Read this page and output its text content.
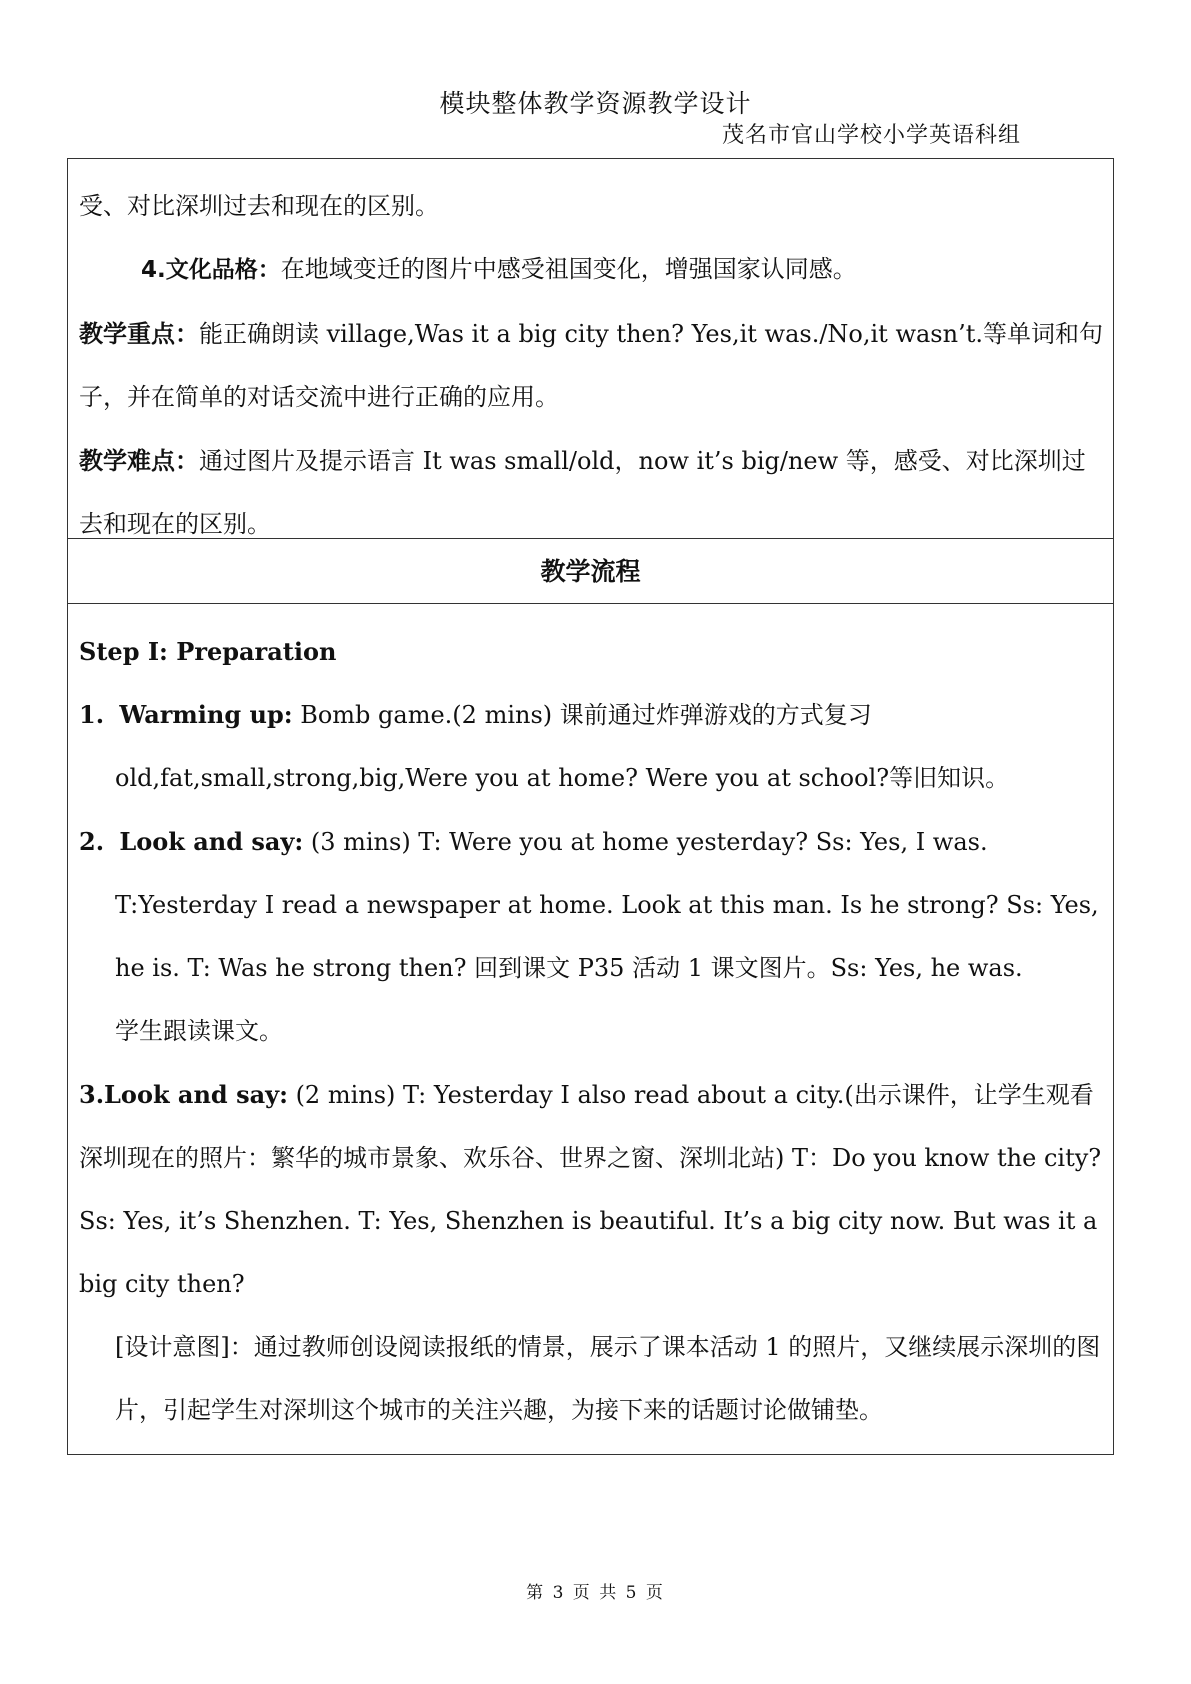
模块整体教学资源教学设计
茂名市官山学校小学英语科组

受、对比深圳过去和现在的区别。

4.文化品格：在地域变迁的图片中感受祖国变化，增强国家认同感。

教学重点：能正确朗读 village,Was it a big city then? Yes,it was./No,it wasn’t.等单词和句子，并在简单的对话交流中进行正确的应用。

教学难点：通过图片及提示语言 It was small/old，now it’s big/new 等，感受、对比深圳过去和现在的区别。

教学流程

Step Ⅰ: Preparation

1. Warming up: Bomb game.(2 mins) 课前通过炸弹游戏的方式复习 old,fat,small,strong,big,Were you at home? Were you at school?等旧知识。

2. Look and say: (3 mins) T: Were you at home yesterday? Ss: Yes, I was. T:Yesterday I read a newspaper at home. Look at this man. Is he strong? Ss: Yes, he is. T: Was he strong then? 回到课文 P35 活动 1 课文图片。Ss: Yes, he was.

学生跟读课文。

3.Look and say: (2 mins) T: Yesterday I also read about a city.(出示课件，让学生观看深圳现在的照片：繁华的城市景象、欢乐谷、世界之窗、深圳北站) T：Do you know the city? Ss: Yes, it’s Shenzhen. T: Yes, Shenzhen is beautiful. It’s a big city now. But was it a big city then?

[设计意图]：通过教师创设阅读报纸的情景，展示了课本活动 1 的照片，又继续展示深圳的图片，引起学生对深圳这个城市的关注兴趣，为接下来的话题讨论做铺垫。

第 3 页 共 5 页
